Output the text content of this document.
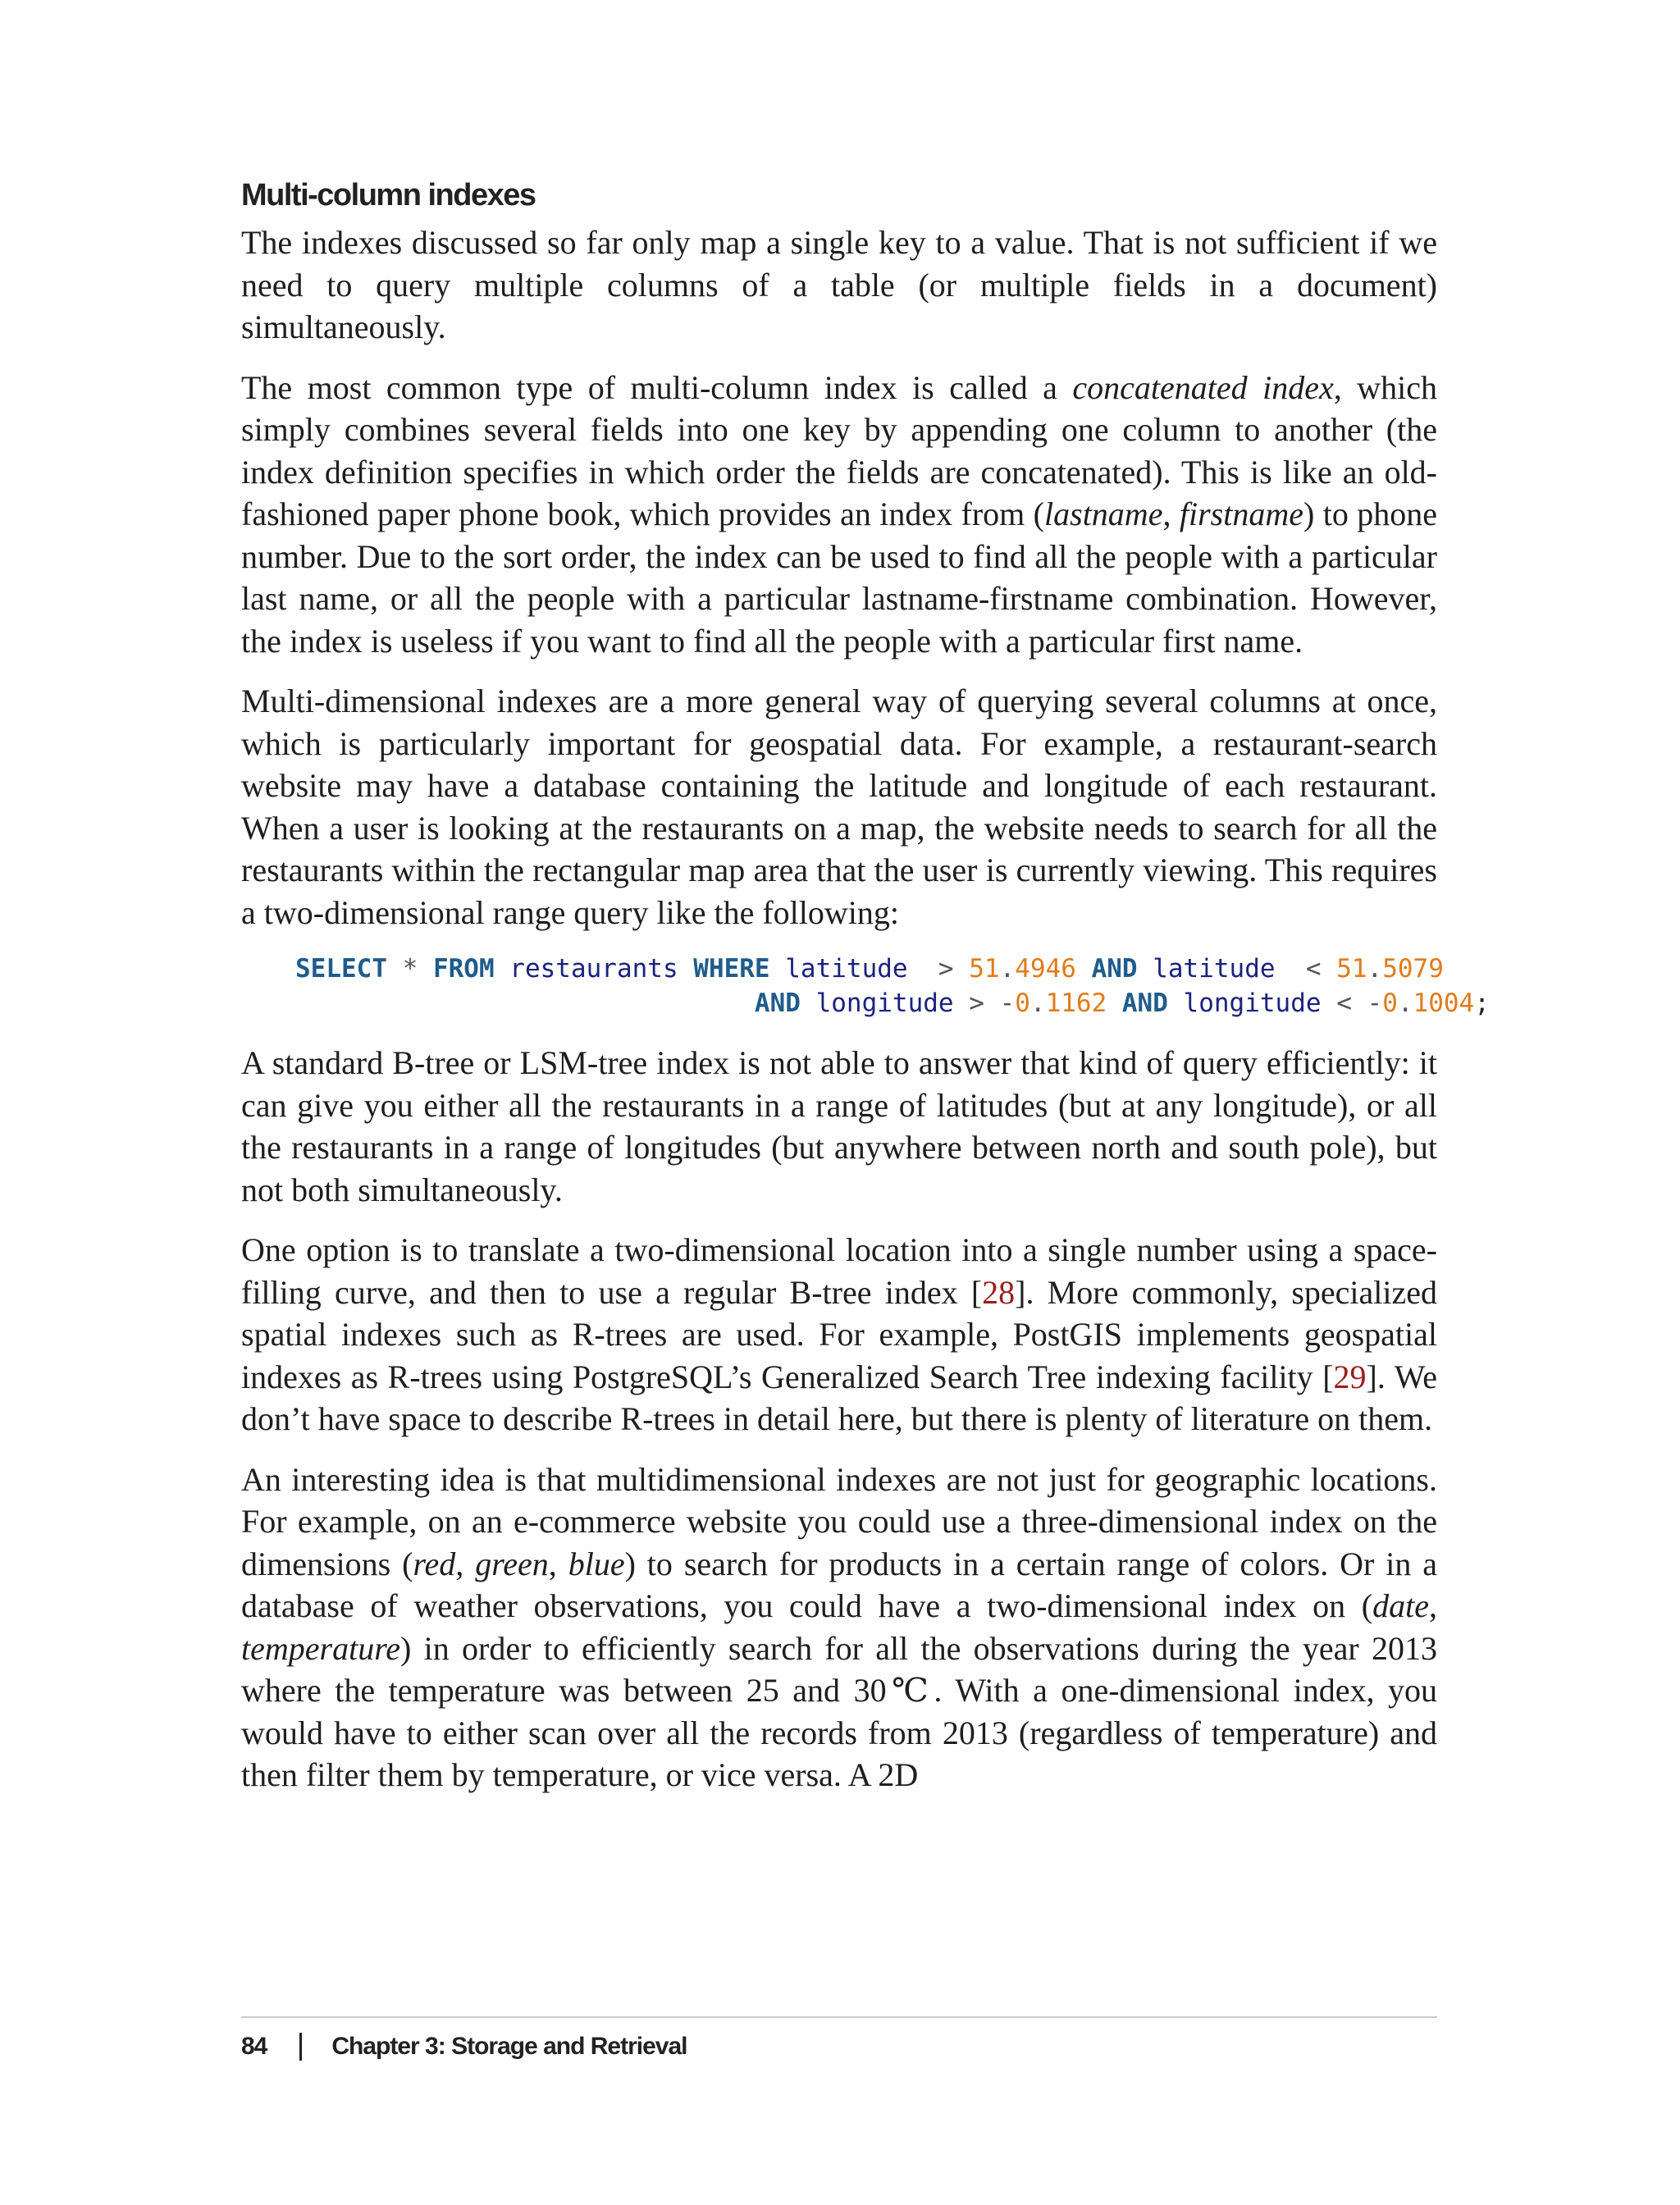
Multi-column indexes

The indexes discussed so far only map a single key to a value. That is not sufficient if we need to query multiple columns of a table (or multiple fields in a document) simultaneously.

The most common type of multi-column index is called a concatenated index, which simply combines several fields into one key by appending one column to another (the index definition specifies in which order the fields are concatenated). This is like an old-fashioned paper phone book, which provides an index from (lastname, firstname) to phone number. Due to the sort order, the index can be used to find all the people with a particular last name, or all the people with a particular lastname-firstname combination. However, the index is useless if you want to find all the people with a particular first name.

Multi-dimensional indexes are a more general way of querying several columns at once, which is particularly important for geospatial data. For example, a restaurant-search website may have a database containing the latitude and longitude of each restaurant. When a user is looking at the restaurants on a map, the website needs to search for all the restaurants within the rectangular map area that the user is currently viewing. This requires a two-dimensional range query like the following:

SELECT * FROM restaurants WHERE latitude  > 51.4946 AND latitude  < 51.5079
AND longitude > -0.1162 AND longitude < -0.1004;

A standard B-tree or LSM-tree index is not able to answer that kind of query efficiently: it can give you either all the restaurants in a range of latitudes (but at any longitude), or all the restaurants in a range of longitudes (but anywhere between north and south pole), but not both simultaneously.

One option is to translate a two-dimensional location into a single number using a space-filling curve, and then to use a regular B-tree index [28]. More commonly, specialized spatial indexes such as R-trees are used. For example, PostGIS implements geospatial indexes as R-trees using PostgreSQL’s Generalized Search Tree indexing facility [29]. We don’t have space to describe R-trees in detail here, but there is plenty of literature on them.

An interesting idea is that multidimensional indexes are not just for geographic locations. For example, on an e-commerce website you could use a three-dimensional index on the dimensions (red, green, blue) to search for products in a certain range of colors. Or in a database of weather observations, you could have a two-dimensional index on (date, temperature) in order to efficiently search for all the observations during the year 2013 where the temperature was between 25 and 30℃. With a one-dimensional index, you would have to either scan over all the records from 2013 (regardless of temperature) and then filter them by temperature, or vice versa. A 2D

84	Chapter 3: Storage and Retrieval
